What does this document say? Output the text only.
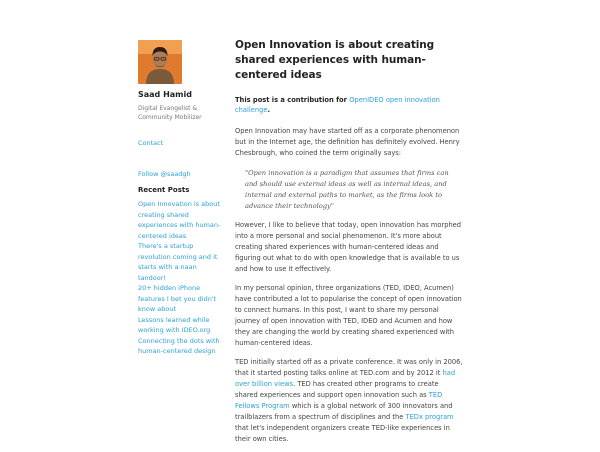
Saad Hamid
Digital Evangelist & Community Mobilizer
Contact
Follow @saadgh
Recent Posts
Open Innovation is about creating shared experiences with human-centered ideas
There's a startup revolution coming and it starts with a naan tandoor!
20+ hidden iPhone features I bet you didn't know about
Lessons learned while working with IDEO.org
Connecting the dots with human-centered design
Open Innovation is about creating shared experiences with human-centered ideas
This post is a contribution for OpenIDEO open innovation challenge.

Open Innovation may have started off as a corporate phenomenon but in the Internet age, the definition has definitely evolved. Henry Chesbrough, who coined the term originally says:

"Open innovation is a paradigm that assumes that firms can and should use external ideas as well as internal ideas, and internal and external paths to market, as the firms look to advance their technology"

However, I like to believe that today, open innovation has morphed into a more personal and social phenomenon. It's more about creating shared experiences with human-centered ideas and figuring out what to do with open knowledge that is available to us and how to use it effectively.

In my personal opinion, three organizations (TED, IDEO, Acumen) have contributed a lot to popularise the concept of open innovation to connect humans. In this post, I want to share my personal journey of open innovation with TED, IDEO and Acumen and how they are changing the world by creating shared experienced with human-centered ideas.

TED initially started off as a private conference. It was only in 2006, that it started posting talks online at TED.com and by 2012 it had over billion views. TED has created other programs to create shared experiences and support open innovation such as TED Fellows Program which is a global network of 300 innovators and trailblazers from a spectrum of disciplines and the TEDx program that let's independent organizers create TED-like experiences in their own cities.
